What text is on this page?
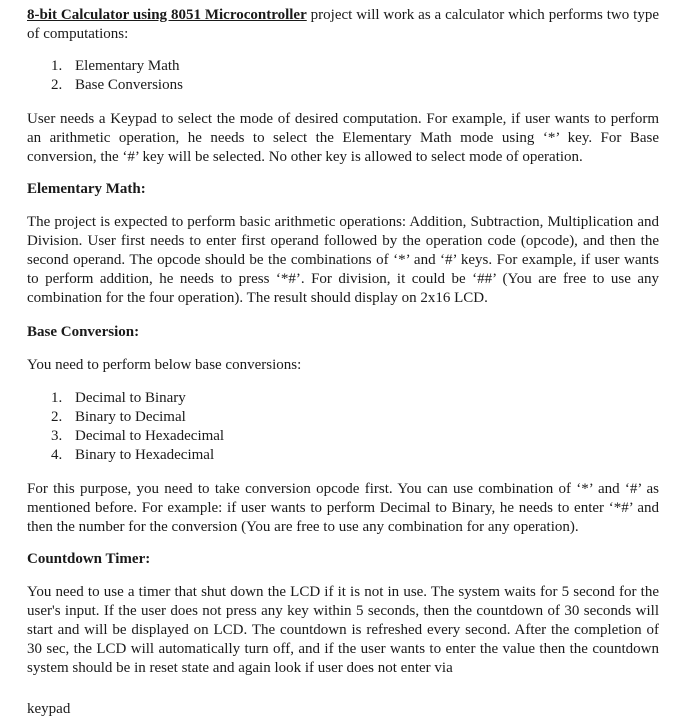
8-bit Calculator using 8051 Microcontroller project will work as a calculator which performs two type of computations:

1. Elementary Math
2. Base Conversions

User needs a Keypad to select the mode of desired computation. For example, if user wants to perform an arithmetic operation, he needs to select the Elementary Math mode using ‘*’ key. For Base conversion, the ‘#’ key will be selected. No other key is allowed to select mode of operation.

Elementary Math:

The project is expected to perform basic arithmetic operations: Addition, Subtraction, Multiplication and Division. User first needs to enter first operand followed by the operation code (opcode), and then the second operand. The opcode should be the combinations of ‘*’ and ‘#’ keys. For example, if user wants to perform addition, he needs to press ‘*#’. For division, it could be ‘##’ (You are free to use any combination for the four operation). The result should display on 2x16 LCD.

Base Conversion:

You need to perform below base conversions:

1. Decimal to Binary
2. Binary to Decimal
3. Decimal to Hexadecimal
4. Binary to Hexadecimal

For this purpose, you need to take conversion opcode first. You can use combination of ‘*’ and ‘#’ as mentioned before. For example: if user wants to perform Decimal to Binary, he needs to enter ‘*#’ and then the number for the conversion (You are free to use any combination for any operation).

Countdown Timer:

You need to use a timer that shut down the LCD if it is not in use. The system waits for 5 second for the user's input. If the user does not press any key within 5 seconds, then the countdown of 30 seconds will start and will be displayed on LCD. The countdown is refreshed every second. After the completion of 30 sec, the LCD will automatically turn off, and if the user wants to enter the value then the countdown system should be in reset state and again look if user does not enter via

keypad
